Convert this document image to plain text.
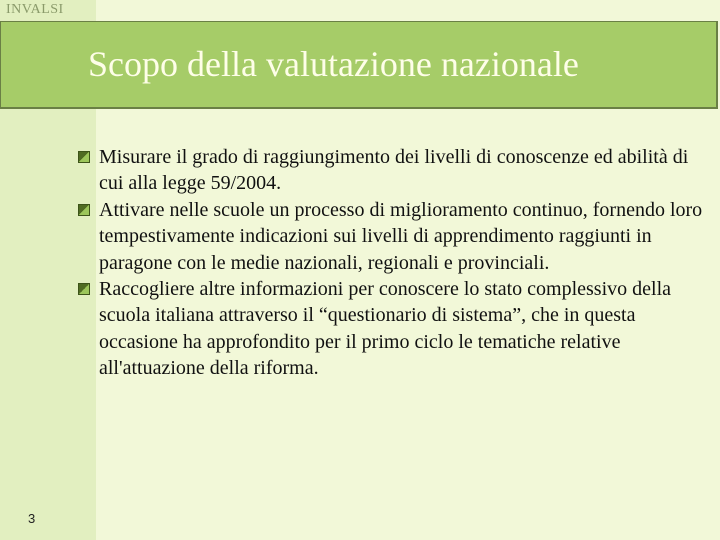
INVALSI
Scopo della valutazione nazionale
Misurare il grado di raggiungimento dei livelli di conoscenze ed abilità di cui alla legge 59/2004.
Attivare nelle scuole un processo di miglioramento continuo, fornendo loro tempestivamente indicazioni sui livelli di apprendimento raggiunti in paragone con le medie nazionali, regionali e provinciali.
Raccogliere altre informazioni per conoscere lo stato complessivo della scuola italiana attraverso il “questionario di sistema”, che in questa occasione ha approfondito per il primo ciclo le tematiche relative all'attuazione della riforma.
3
